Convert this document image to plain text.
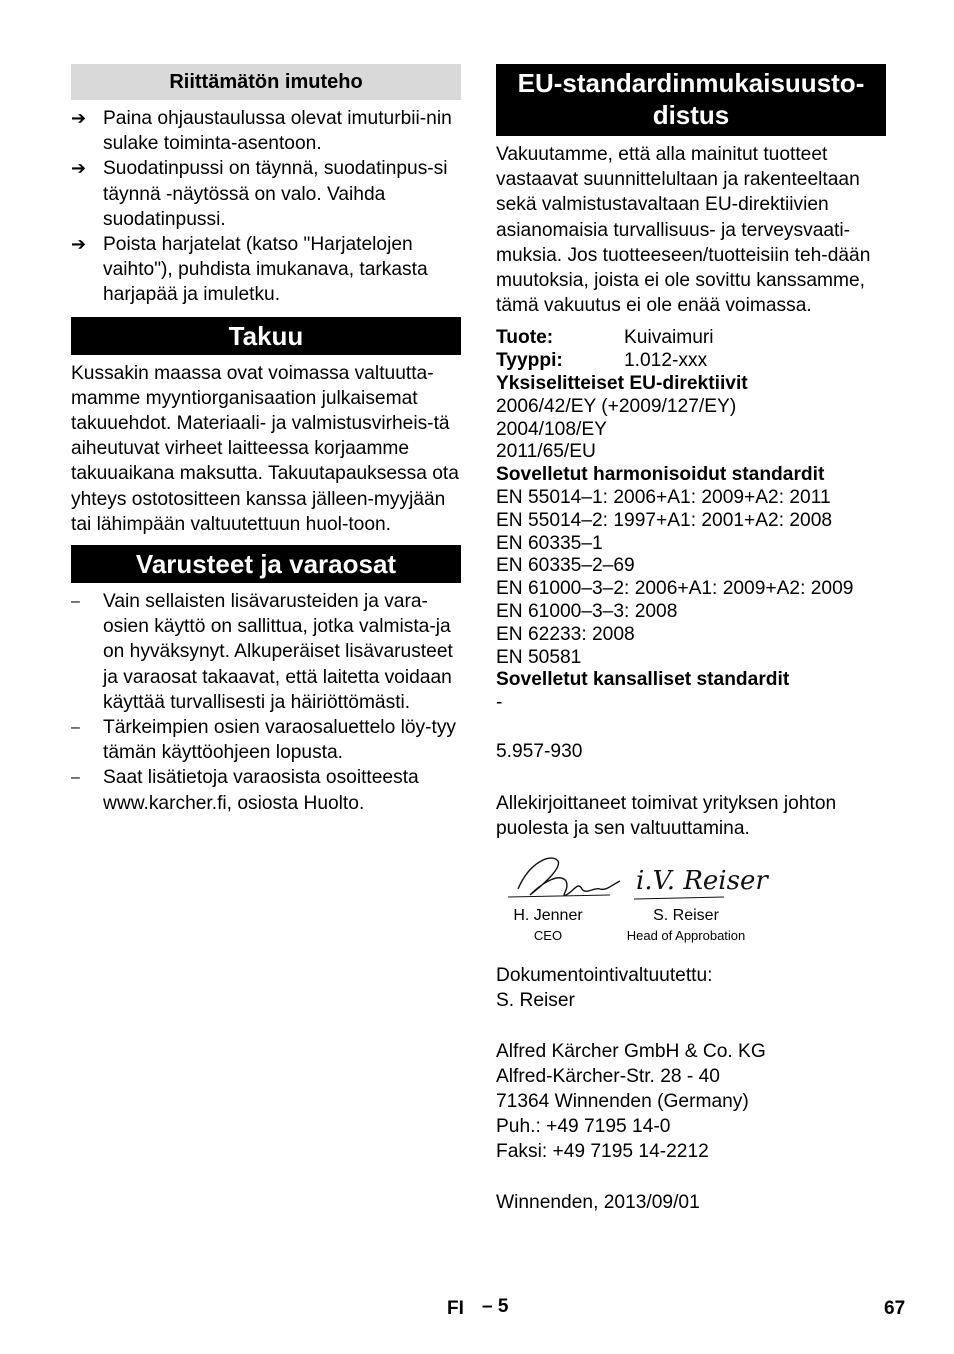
Riittämätön imuteho
➔ Paina ohjaustaulussa olevat imuturbii-nin sulake toiminta-asentoon.
➔ Suodatinpussi on täynnä, suodatinpus-si täynnä -näytössä on valo. Vaihda suodatinpussi.
➔ Poista harjatelat (katso "Harjatelojen vaihto"), puhdista imukanava, tarkasta harjapää ja imuletku.
Takuu
Kussakin maassa ovat voimassa valtuutta-mamme myyntiorganisaation julkaisemat takuuehdot. Materiaali- ja valmistusvirheis-tä aiheutuvat virheet laitteessa korjaamme takuuaikana maksutta. Takuutapauksessa ota yhteys ostotositteen kanssa jälleen-myyjään tai lähimpään valtuutettuun huol-toon.
Varusteet ja varaosat
– Vain sellaisten lisävarusteiden ja vara-osien käyttö on sallittua, jotka valmista-ja on hyväksynyt. Alkuperäiset lisävarusteet ja varaosat takaavat, että laitetta voidaan käyttää turvallisesti ja häiriöttömästi.
– Tärkeimpien osien varaosaluettelo löy-tyy tämän käyttöohjeen lopusta.
– Saat lisätietoja varaosista osoitteesta www.karcher.fi, osiosta Huolto.
EU-standardinmukaisuusto-
distus
Vakuutamme, että alla mainitut tuotteet vastaavat suunnittelultaan ja rakenteeltaan sekä valmistustavaltaan EU-direktiivien asianomaisia turvallisuus- ja terveysvaati-muksia. Jos tuotteeseen/tuotteisiin teh-dään muutoksia, joista ei ole sovittu kanssamme, tämä vakuutus ei ole enää voimassa.
Tuote:	Kuivaimuri
Tyyppi:	1.012-xxx
Yksiselitteiset EU-direktiivit
2006/42/EY (+2009/127/EY)
2004/108/EY
2011/65/EU
Sovelletut harmonisoidut standardit
EN 55014–1: 2006+A1: 2009+A2: 2011
EN 55014–2: 1997+A1: 2001+A2: 2008
EN 60335–1
EN 60335–2–69
EN 61000–3–2: 2006+A1: 2009+A2: 2009
EN 61000–3–3: 2008
EN 62233: 2008
EN 50581
Sovelletut kansalliset standardit
-
5.957-930
Allekirjoittaneet toimivat yrityksen johton puolesta ja sen valtuuttamina.
i.V. Reiser
H. Jenner
CEO
S. Reiser
Head of Approbation
Dokumentointivaltuutettu:
S. Reiser
Alfred Kärcher GmbH & Co. KG
Alfred-Kärcher-Str. 28 - 40
71364 Winnenden (Germany)
Puh.: +49 7195 14-0
Faksi: +49 7195 14-2212
Winnenden, 2013/09/01
FI – 5	67
